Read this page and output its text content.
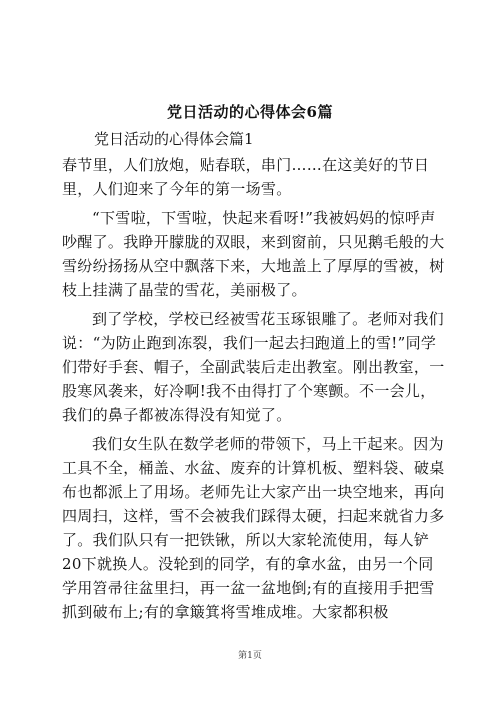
党日活动的心得体会6篇
党日活动的心得体会篇1

春节里，人们放炮，贴春联，串门……在这美好的节日里，人们迎来了今年的第一场雪。

“下雪啦，下雪啦，快起来看呀!”我被妈妈的惊呼声吵醒了。我睁开朦胧的双眼，来到窗前，只见鹅毛般的大雪纷纷扬扬从空中飘落下来，大地盖上了厚厚的雪被，树枝上挂满了晶莹的雪花，美丽极了。

到了学校，学校已经被雪花玉琢银雕了。老师对我们说：“为防止跑到冻裂，我们一起去扫跑道上的雪!”同学们带好手套、帽子，全副武装后走出教室。刚出教室，一股寒风袭来，好冷啊!我不由得打了个寒颤。不一会儿，我们的鼻子都被冻得没有知觉了。

我们女生队在数学老师的带领下，马上干起来。因为工具不全，桶盖、水盆、废弃的计算机板、塑料袋、破桌布也都派上了用场。老师先让大家产出一块空地来，再向四周扫，这样，雪不会被我们踩得太硬，扫起来就省力多了。我们队只有一把铁锹，所以大家轮流使用，每人铲20下就换人。没轮到的同学，有的拿水盆，由另一个同学用笤帚往盆里扫，再一盆一盆地倒;有的直接用手把雪抓到破布上;有的拿簸箕将雪堆成堆。大家都积极

第1页
